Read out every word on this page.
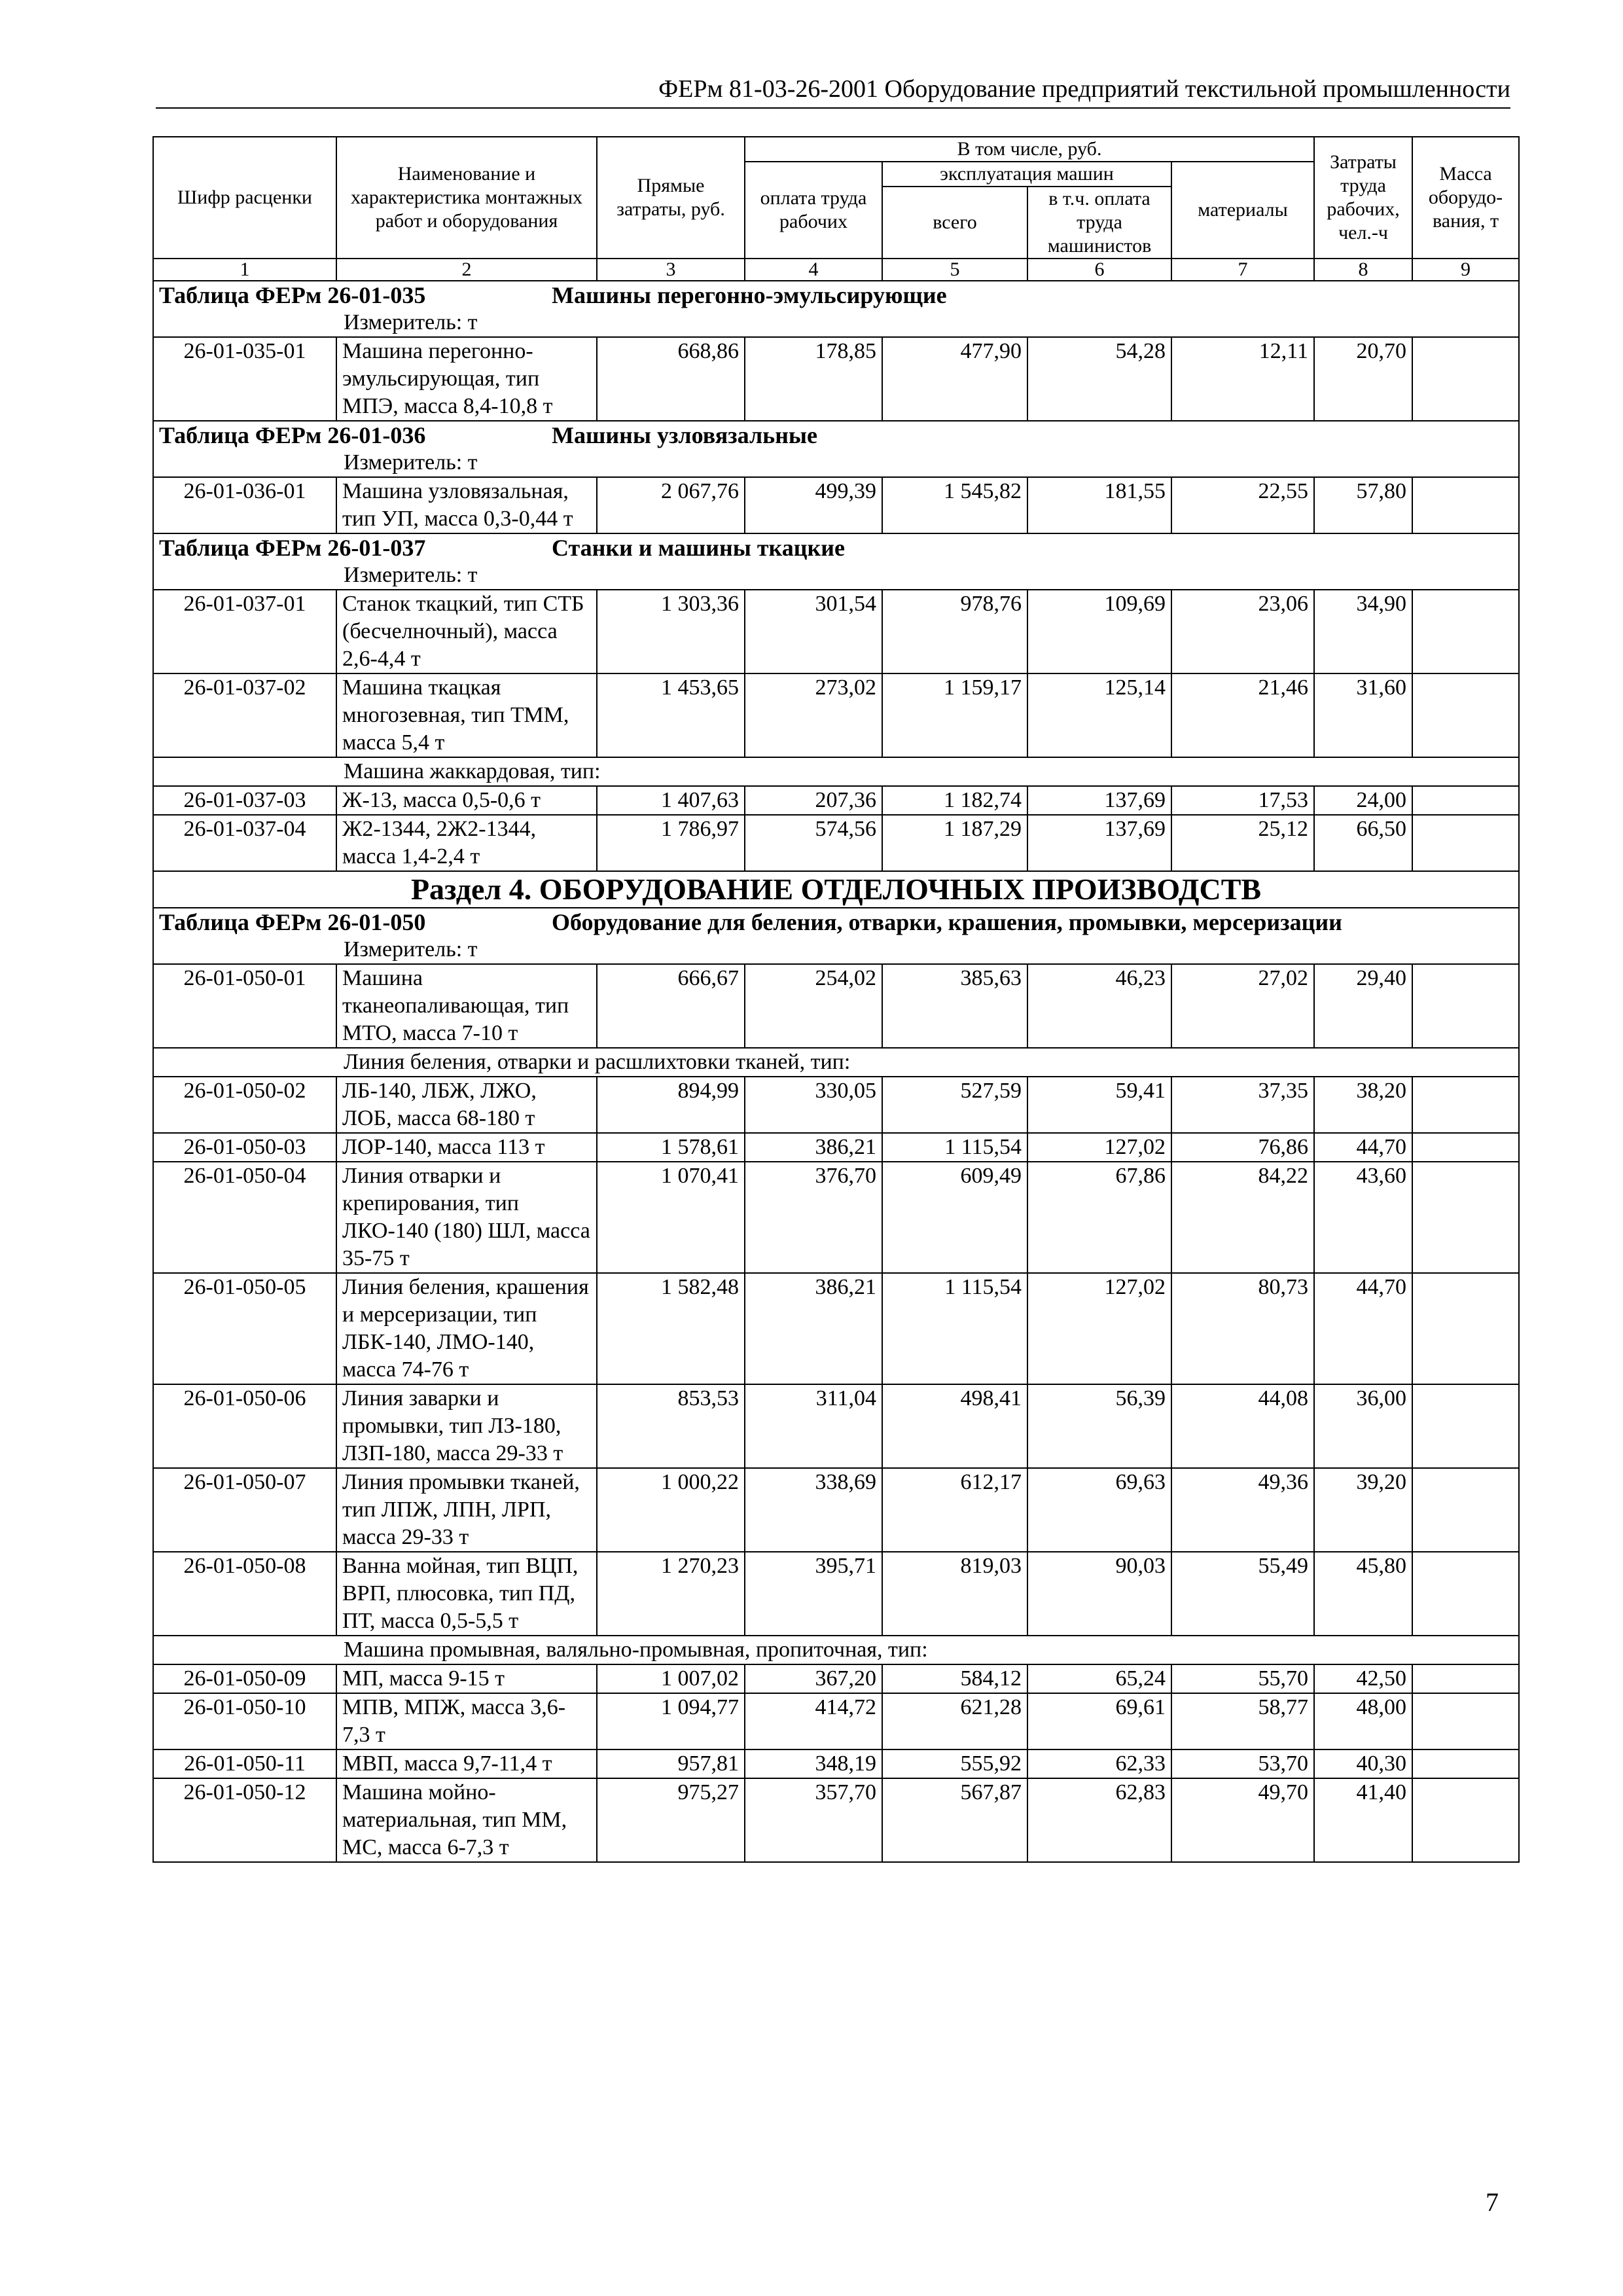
ФЕРм 81-03-26-2001 Оборудование предприятий текстильной промышленности
Шифр расценки	Наименование и характеристика монтажных работ и оборудования	Прямые затраты, руб.	В том числе, руб.				Затраты труда рабочих, чел.-ч	Масса оборудо-вания, т
			оплата труда рабочих	эксплуатация машин		материалы		
				всего	в т.ч. оплата труда машинистов			
1	2	3	4	5	6	7	8	9
Таблица ФЕРм 26-01-035 Машины перегонно-эмульсирующие								
Измеритель: т								
26-01-035-01	Машина перегонно-эмульсирующая, тип МПЭ, масса 8,4-10,8 т	668,86	178,85	477,90	54,28	12,11	20,70	
Таблица ФЕРм 26-01-036 Машины узловязальные								
Измеритель: т								
26-01-036-01	Машина узловязальная, тип УП, масса 0,3-0,44 т	2 067,76	499,39	1 545,82	181,55	22,55	57,80	
Таблица ФЕРм 26-01-037 Станки и машины ткацкие								
Измеритель: т								
26-01-037-01	Станок ткацкий, тип СТБ (бесчелночный), масса 2,6-4,4 т	1 303,36	301,54	978,76	109,69	23,06	34,90	
26-01-037-02	Машина ткацкая многозевная, тип ТММ, масса 5,4 т	1 453,65	273,02	1 159,17	125,14	21,46	31,60	
Машина жаккардовая, тип:								
26-01-037-03	Ж-13, масса 0,5-0,6 т	1 407,63	207,36	1 182,74	137,69	17,53	24,00	
26-01-037-04	Ж2-1344, 2Ж2-1344, масса 1,4-2,4 т	1 786,97	574,56	1 187,29	137,69	25,12	66,50	
Раздел 4. ОБОРУДОВАНИЕ ОТДЕЛОЧНЫХ ПРОИЗВОДСТВ								
Таблица ФЕРм 26-01-050 Оборудование для беления, отварки, крашения, промывки, мерсеризации								
Измеритель: т								
26-01-050-01	Машина тканеопаливающая, тип МТО, масса 7-10 т	666,67	254,02	385,63	46,23	27,02	29,40	
Линия беления, отварки и расшлихтовки тканей, тип:								
26-01-050-02	ЛБ-140, ЛБЖ, ЛЖО, ЛОБ, масса 68-180 т	894,99	330,05	527,59	59,41	37,35	38,20	
26-01-050-03	ЛОР-140, масса 113 т	1 578,61	386,21	1 115,54	127,02	76,86	44,70	
26-01-050-04	Линия отварки и крепирования, тип ЛКО-140 (180) ШЛ, масса 35-75 т	1 070,41	376,70	609,49	67,86	84,22	43,60	
26-01-050-05	Линия беления, крашения и мерсеризации, тип ЛБК-140, ЛМО-140, масса 74-76 т	1 582,48	386,21	1 115,54	127,02	80,73	44,70	
26-01-050-06	Линия заварки и промывки, тип ЛЗ-180, ЛЗП-180, масса 29-33 т	853,53	311,04	498,41	56,39	44,08	36,00	
26-01-050-07	Линия промывки тканей, тип ЛПЖ, ЛПН, ЛРП, масса 29-33 т	1 000,22	338,69	612,17	69,63	49,36	39,20	
26-01-050-08	Ванна мойная, тип ВЦП, ВРП, плюсовка, тип ПД, ПТ, масса 0,5-5,5 т	1 270,23	395,71	819,03	90,03	55,49	45,80	
Машина промывная, валяльно-промывная, пропиточная, тип:								
26-01-050-09	МП, масса 9-15 т	1 007,02	367,20	584,12	65,24	55,70	42,50	
26-01-050-10	МПВ, МПЖ, масса 3,6-7,3 т	1 094,77	414,72	621,28	69,61	58,77	48,00	
26-01-050-11	МВП, масса 9,7-11,4 т	957,81	348,19	555,92	62,33	53,70	40,30	
26-01-050-12	Машина мойно-материальная, тип ММ, МС, масса 6-7,3 т	975,27	357,70	567,87	62,83	49,70	41,40	
7
